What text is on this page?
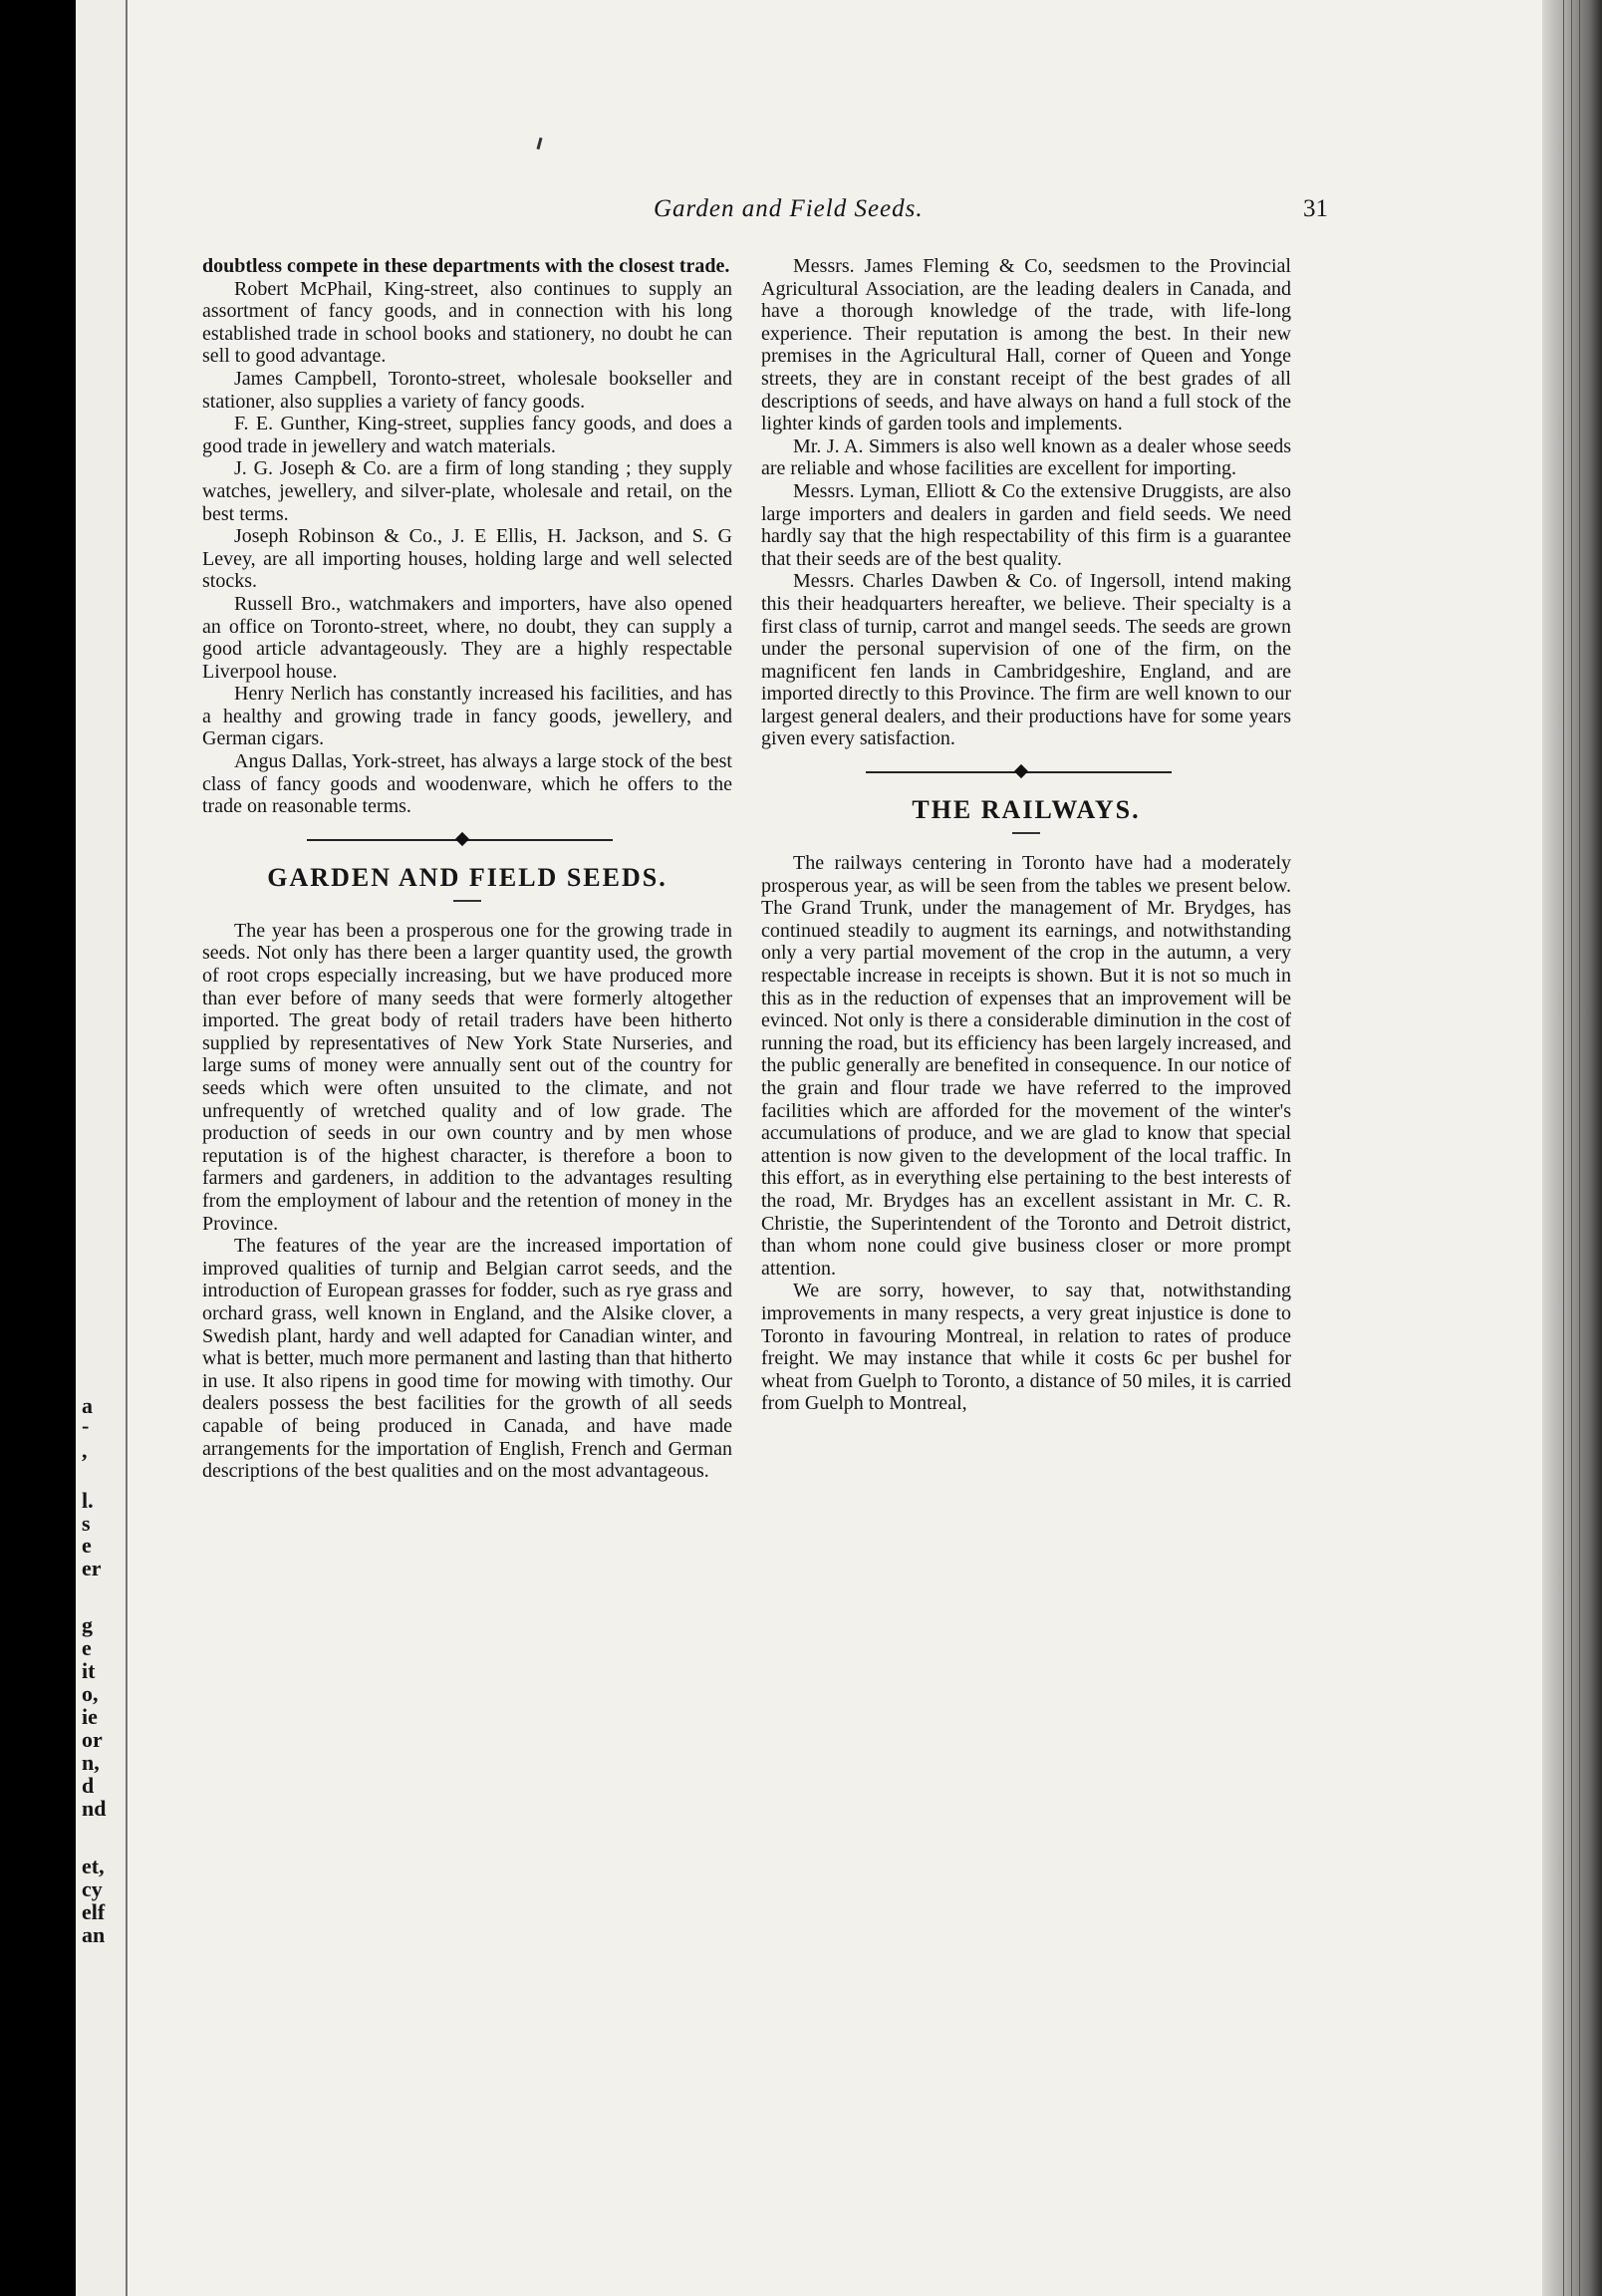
a
-
,
l.
s
e
er
g
e
it
o,
ie
or
n,
d
nd
et,
cy
elf
an
Garden and Field Seeds.	31

doubtless compete in these departments with the closest trade.

Robert McPhail, King-street, also continues to supply an assortment of fancy goods, and in connection with his long established trade in school books and stationery, no doubt he can sell to good advantage.

James Campbell, Toronto-street, wholesale bookseller and stationer, also supplies a variety of fancy goods.

F. E. Gunther, King-street, supplies fancy goods, and does a good trade in jewellery and watch materials.

J. G. Joseph & Co. are a firm of long standing ; they supply watches, jewellery, and silver-plate, wholesale and retail, on the best terms.

Joseph Robinson & Co., J. E Ellis, H. Jackson, and S. G Levey, are all importing houses, holding large and well selected stocks.

Russell Bro., watchmakers and importers, have also opened an office on Toronto-street, where, no doubt, they can supply a good article advantageously. They are a highly respectable Liverpool house.

Henry Nerlich has constantly increased his facilities, and has a healthy and growing trade in fancy goods, jewellery, and German cigars.

Angus Dallas, York-street, has always a large stock of the best class of fancy goods and woodenware, which he offers to the trade on reasonable terms.

GARDEN AND FIELD SEEDS.

The year has been a prosperous one for the growing trade in seeds. Not only has there been a larger quantity used, the growth of root crops especially increasing, but we have produced more than ever before of many seeds that were formerly altogether imported. The great body of retail traders have been hitherto supplied by representatives of New York State Nurseries, and large sums of money were annually sent out of the country for seeds which were often unsuited to the climate, and not unfrequently of wretched quality and of low grade. The production of seeds in our own country and by men whose reputation is of the highest character, is therefore a boon to farmers and gardeners, in addition to the advantages resulting from the employment of labour and the retention of money in the Province.

The features of the year are the increased importation of improved qualities of turnip and Belgian carrot seeds, and the introduction of European grasses for fodder, such as rye grass and orchard grass, well known in England, and the Alsike clover, a Swedish plant, hardy and well adapted for Canadian winter, and what is better, much more permanent and lasting than that hitherto in use. It also ripens in good time for mowing with timothy. Our dealers possess the best facilities for the growth of all seeds capable of being produced in Canada, and have made arrangements for the importation of English, French and German descriptions of the best qualities and on the most advantageous.

Messrs. James Fleming & Co, seedsmen to the Provincial Agricultural Association, are the leading dealers in Canada, and have a thorough knowledge of the trade, with life-long experience. Their reputation is among the best. In their new premises in the Agricultural Hall, corner of Queen and Yonge streets, they are in constant receipt of the best grades of all descriptions of seeds, and have always on hand a full stock of the lighter kinds of garden tools and implements.

Mr. J. A. Simmers is also well known as a dealer whose seeds are reliable and whose facilities are excellent for importing.

Messrs. Lyman, Elliott & Co the extensive Druggists, are also large importers and dealers in garden and field seeds. We need hardly say that the high respectability of this firm is a guarantee that their seeds are of the best quality.

Messrs. Charles Dawben & Co. of Ingersoll, intend making this their headquarters hereafter, we believe. Their specialty is a first class of turnip, carrot and mangel seeds. The seeds are grown under the personal supervision of one of the firm, on the magnificent fen lands in Cambridgeshire, England, and are imported directly to this Province. The firm are well known to our largest general dealers, and their productions have for some years given every satisfaction.

THE RAILWAYS.

The railways centering in Toronto have had a moderately prosperous year, as will be seen from the tables we present below. The Grand Trunk, under the management of Mr. Brydges, has continued steadily to augment its earnings, and notwithstanding only a very partial movement of the crop in the autumn, a very respectable increase in receipts is shown. But it is not so much in this as in the reduction of expenses that an improvement will be evinced. Not only is there a considerable diminution in the cost of running the road, but its efficiency has been largely increased, and the public generally are benefited in consequence. In our notice of the grain and flour trade we have referred to the improved facilities which are afforded for the movement of the winter's accumulations of produce, and we are glad to know that special attention is now given to the development of the local traffic. In this effort, as in everything else pertaining to the best interests of the road, Mr. Brydges has an excellent assistant in Mr. C. R. Christie, the Superintendent of the Toronto and Detroit district, than whom none could give business closer or more prompt attention.

We are sorry, however, to say that, notwithstanding improvements in many respects, a very great injustice is done to Toronto in favouring Montreal, in relation to rates of produce freight. We may instance that while it costs 6c per bushel for wheat from Guelph to Toronto, a distance of 50 miles, it is carried from Guelph to Montreal,
